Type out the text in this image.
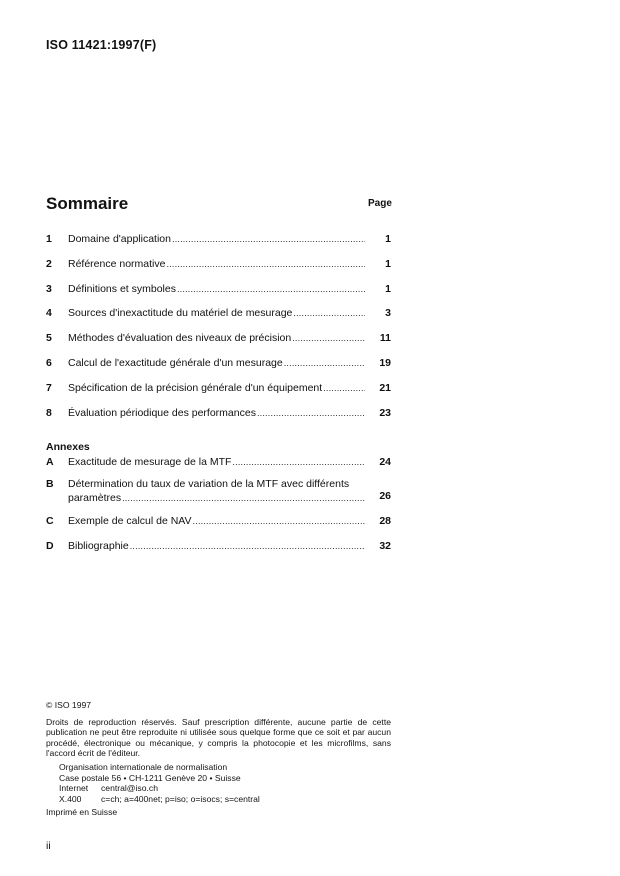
ISO 11421:1997(F)
Sommaire	Page
1	Domaine d'application .....	1
2	Référence normative .....	1
3	Définitions et symboles .....	1
4	Sources d'inexactitude du matériel de mesurage .....	3
5	Méthodes d'évaluation des niveaux de précision .....	11
6	Calcul de l'exactitude générale d'un mesurage .....	19
7	Spécification de la précision générale d'un équipement .....	21
8	Évaluation périodique des performances .....	23
Annexes
A	Exactitude de mesurage de la MTF .....	24
B	Détermination du taux de variation de la MTF avec différents
paramètres .....	26
C	Exemple de calcul de NAV .....	28
D	Bibliographie .....	32
© ISO 1997
Droits de reproduction réservés. Sauf prescription différente, aucune partie de cette publication ne peut être reproduite ni utilisée sous quelque forme que ce soit et par aucun procédé, électronique ou mécanique, y compris la photocopie et les microfilms, sans l'accord écrit de l'éditeur.
Organisation internationale de normalisation
Case postale 56 • CH-1211 Genève 20 • Suisse
Internet	central@iso.ch
X.400	c=ch; a=400net; p=iso; o=isocs; s=central
Imprimé en Suisse
ii
